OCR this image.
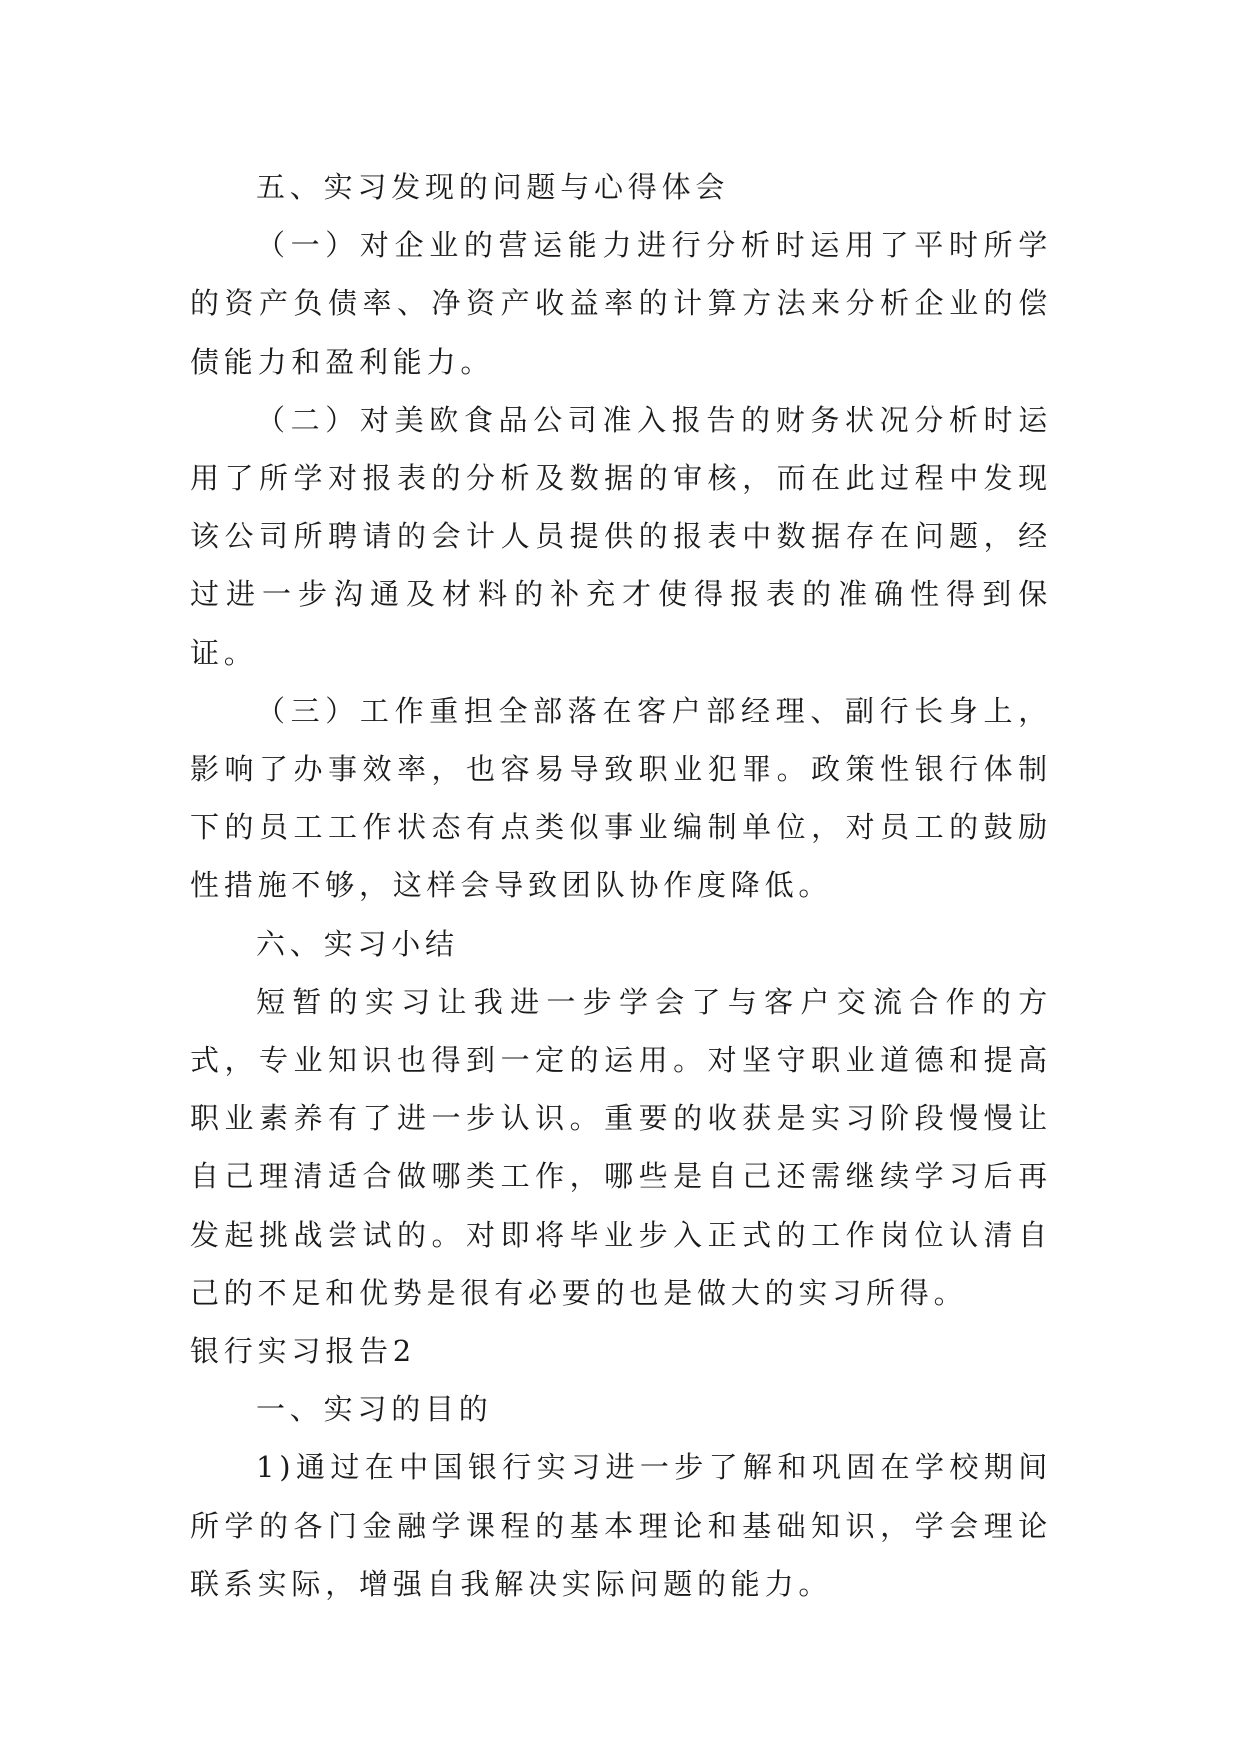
五、实习发现的问题与心得体会

（一）对企业的营运能力进行分析时运用了平时所学的资产负债率、净资产收益率的计算方法来分析企业的偿债能力和盈利能力。

（二）对美欧食品公司准入报告的财务状况分析时运用了所学对报表的分析及数据的审核，而在此过程中发现该公司所聘请的会计人员提供的报表中数据存在问题，经过进一步沟通及材料的补充才使得报表的准确性得到保证。

（三）工作重担全部落在客户部经理、副行长身上，影响了办事效率，也容易导致职业犯罪。政策性银行体制下的员工工作状态有点类似事业编制单位，对员工的鼓励性措施不够，这样会导致团队协作度降低。

六、实习小结

短暂的实习让我进一步学会了与客户交流合作的方式，专业知识也得到一定的运用。对坚守职业道德和提高职业素养有了进一步认识。重要的收获是实习阶段慢慢让自己理清适合做哪类工作，哪些是自己还需继续学习后再发起挑战尝试的。对即将毕业步入正式的工作岗位认清自己的不足和优势是很有必要的也是做大的实习所得。

银行实习报告2

一、实习的目的

1)通过在中国银行实习进一步了解和巩固在学校期间所学的各门金融学课程的基本理论和基础知识，学会理论联系实际，增强自我解决实际问题的能力。
